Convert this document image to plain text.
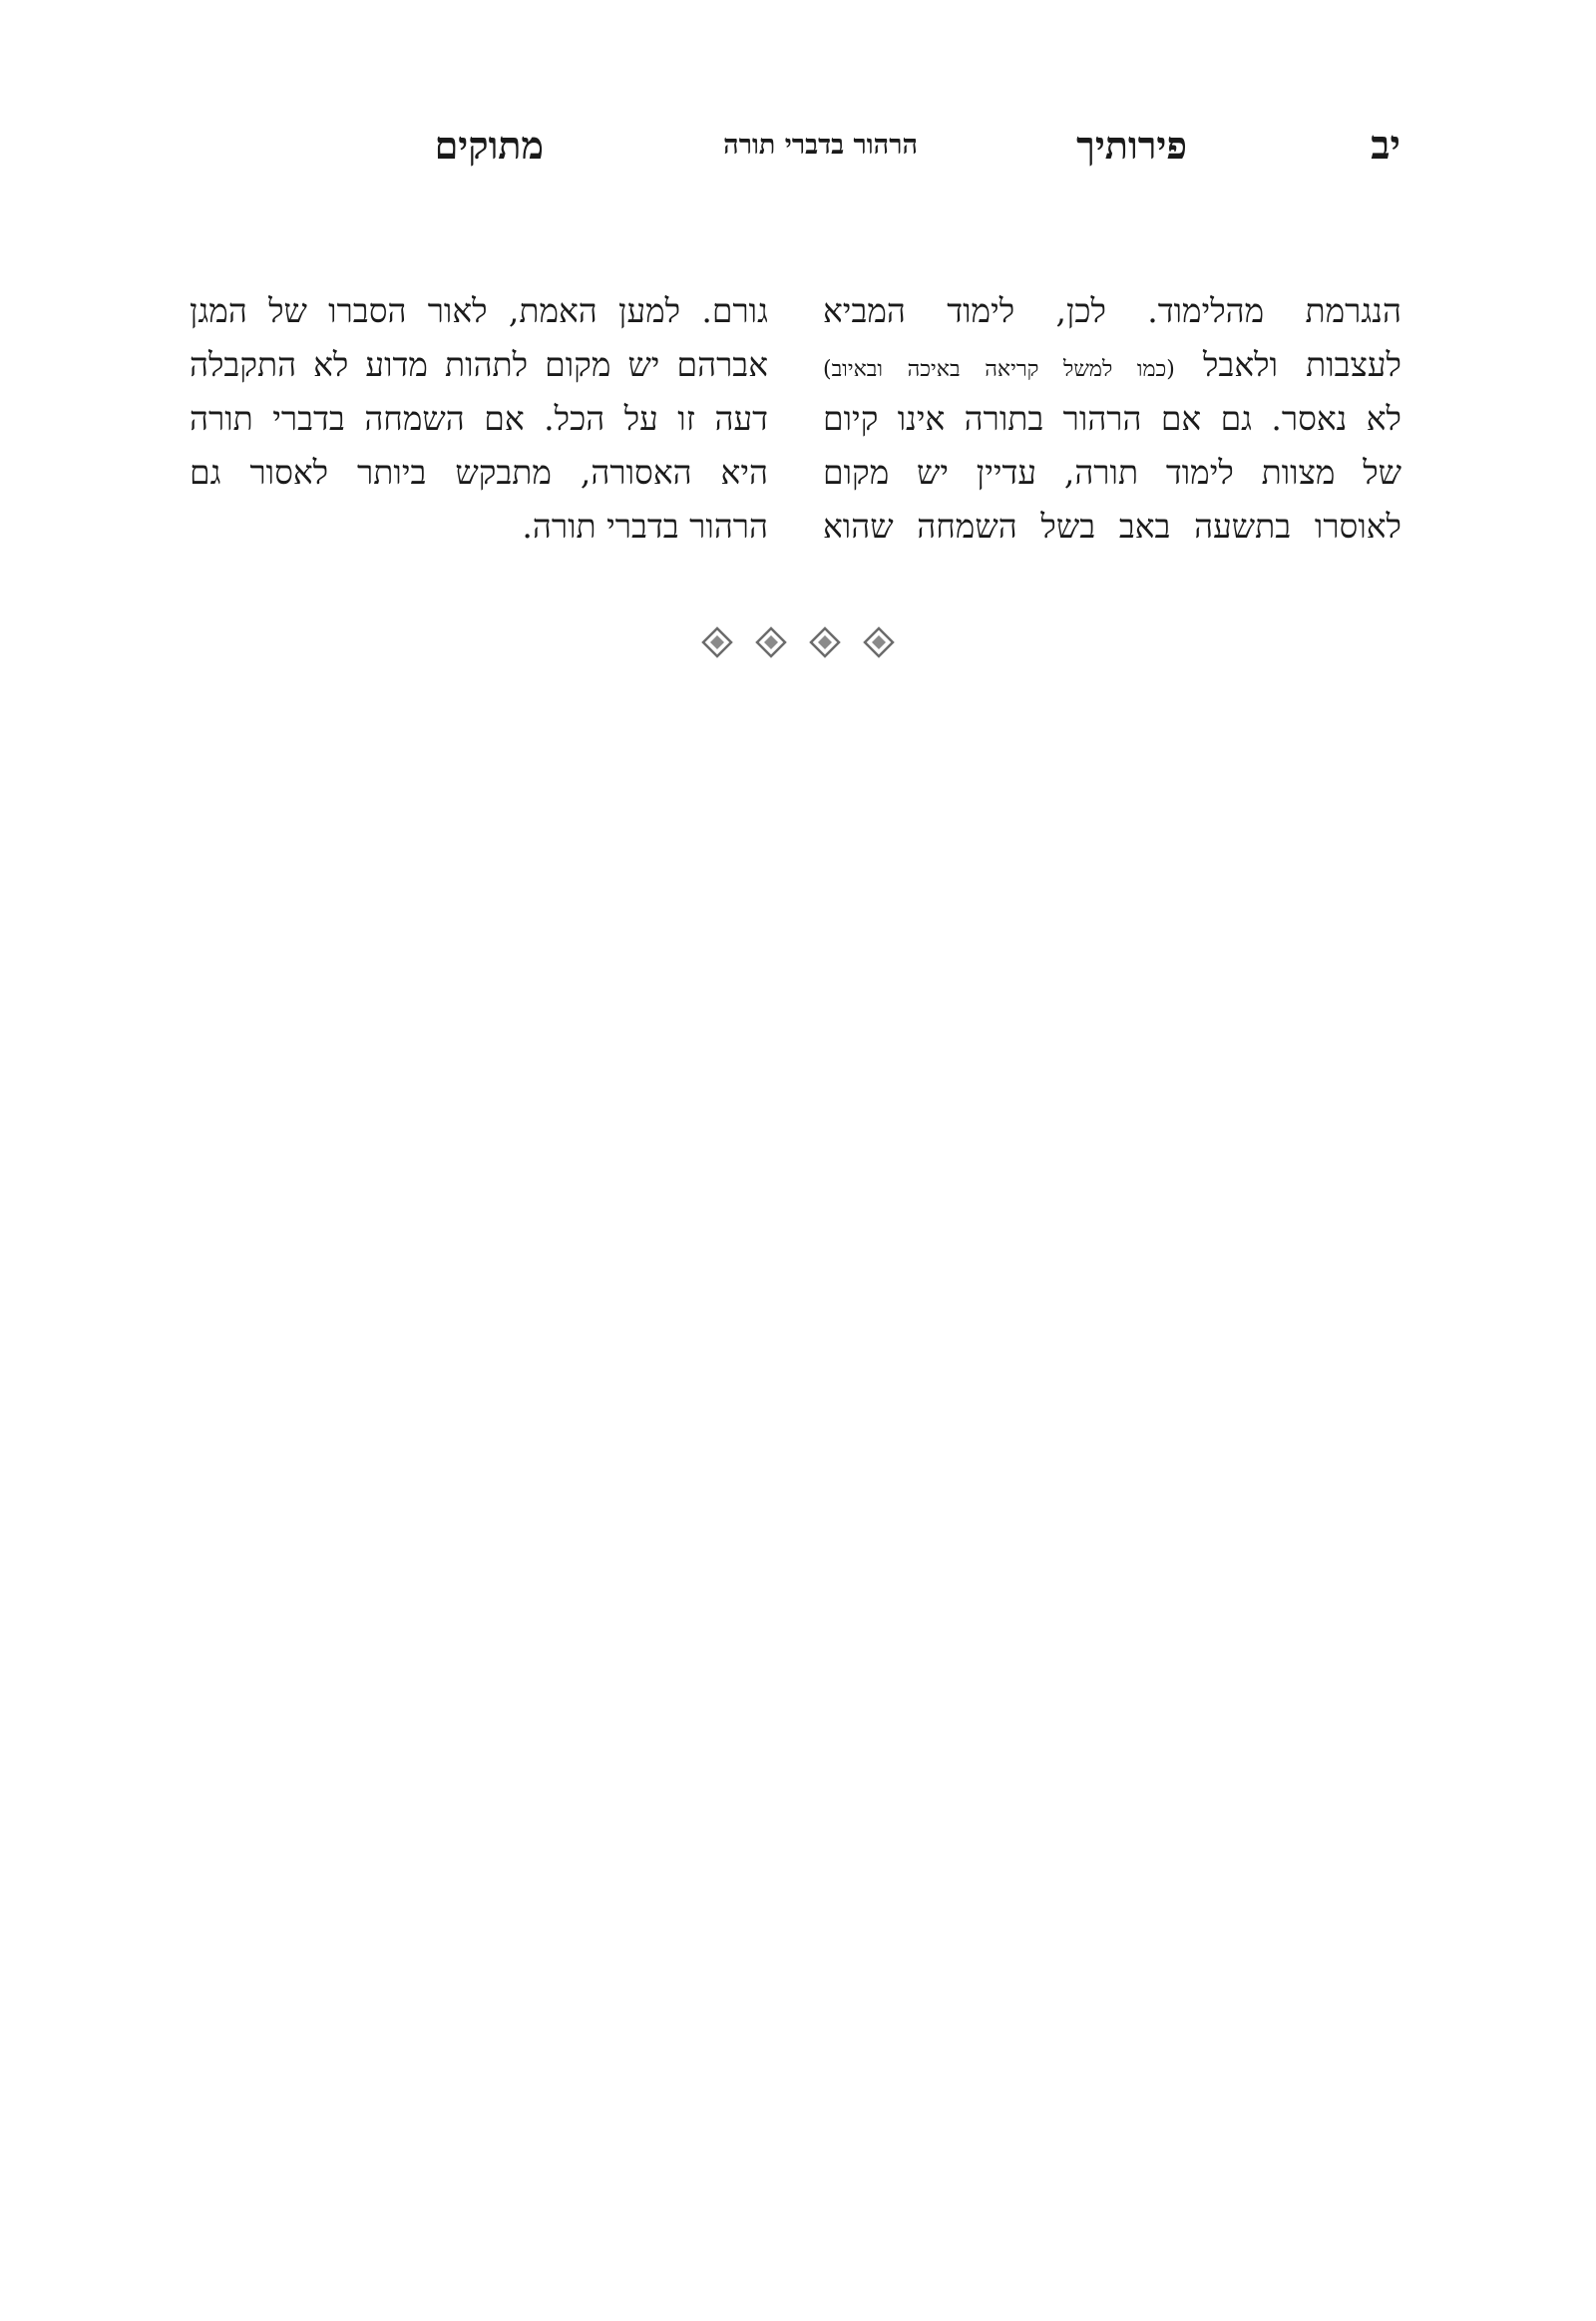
יב
פירותיך
הרהור בדברי תורה
מתוקים
הנגרמת מהלימוד. לכן, לימוד המביא
לעצבות ולאבל (כמו למשל קריאה באיכה ובאיוב)
לא נאסר. גם אם הרהור בתורה אינו קיום
של מצוות לימוד תורה, עדיין יש מקום
לאוסרו בתשעה באב בשל השמחה שהוא
גורם. למען האמת, לאור הסברו של המגן
אברהם יש מקום לתהות מדוע לא התקבלה
דעה זו על הכל. אם השמחה בדברי תורה
היא האסורה, מתבקש ביותר לאסור גם
הרהור בדברי תורה.
